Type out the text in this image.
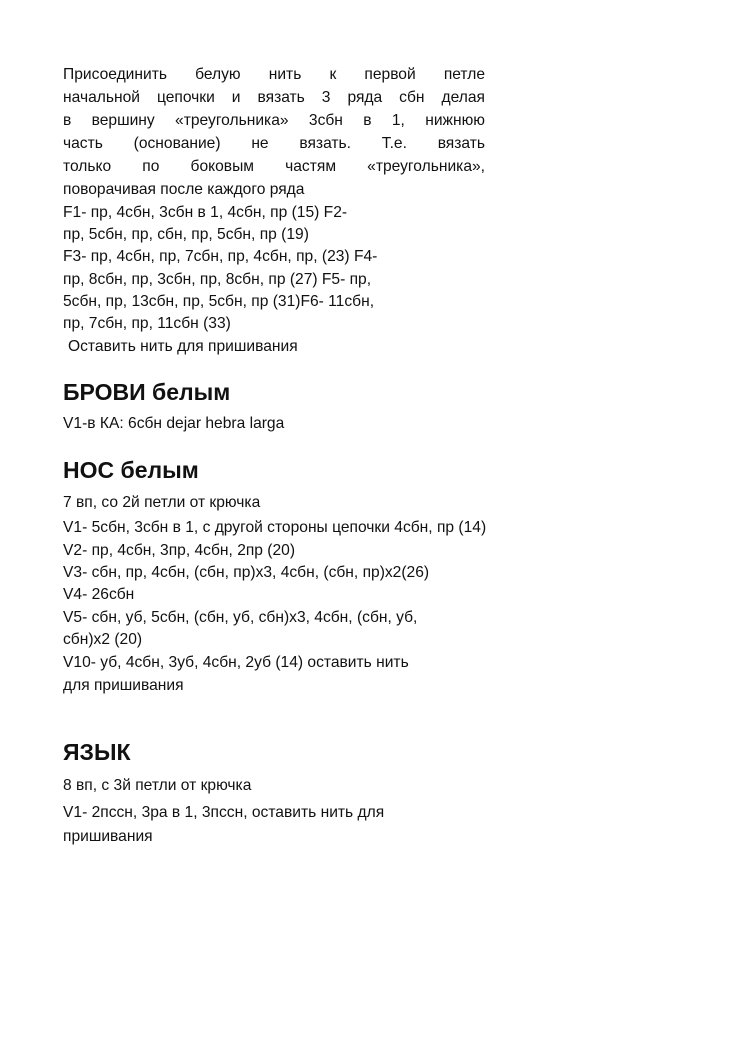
Присоединить белую нить к первой петле

начальной цепочки и вязать 3 ряда сбн делая

в вершину «треугольника» 3сбн в 1, нижнюю

часть (основание) не вязать. Т.е. вязать

только по боковым частям «треугольника»,

поворачивая после каждого ряда

F1- пр, 4сбн, 3сбн в 1, 4сбн, пр (15) F2-

пр, 5сбн, пр, сбн, пр, 5сбн, пр (19)

F3- пр, 4сбн, пр, 7сбн, пр, 4сбн, пр, (23) F4-

пр, 8сбн, пр, 3сбн, пр, 8сбн, пр (27) F5- пр,

5сбн, пр, 13сбн, пр, 5сбн, пр (31)F6- 11сбн,

пр, 7сбн, пр, 11сбн (33)

Оставить нить для пришивания

БРОВИ белым

V1-в КА: 6сбн dejar hebra larga

НОС белым

7 вп, со 2й петли от крючка

V1- 5сбн, 3сбн в 1, с другой стороны цепочки 4сбн, пр (14)

V2- пр, 4сбн, 3пр, 4сбн, 2пр (20)

V3- сбн, пр, 4сбн, (сбн, пр)х3, 4сбн, (сбн, пр)х2(26)

V4- 26сбн

V5- сбн, уб, 5сбн, (сбн, уб, сбн)х3, 4сбн, (сбн, уб,

сбн)х2 (20)

V10- уб, 4сбн, 3уб, 4сбн, 2уб (14) оставить нить

для пришивания

ЯЗЫК

8 вп, с 3й петли от крючка

V1- 2пссн, 3ра в 1, 3пссн, оставить нить для

пришивания
